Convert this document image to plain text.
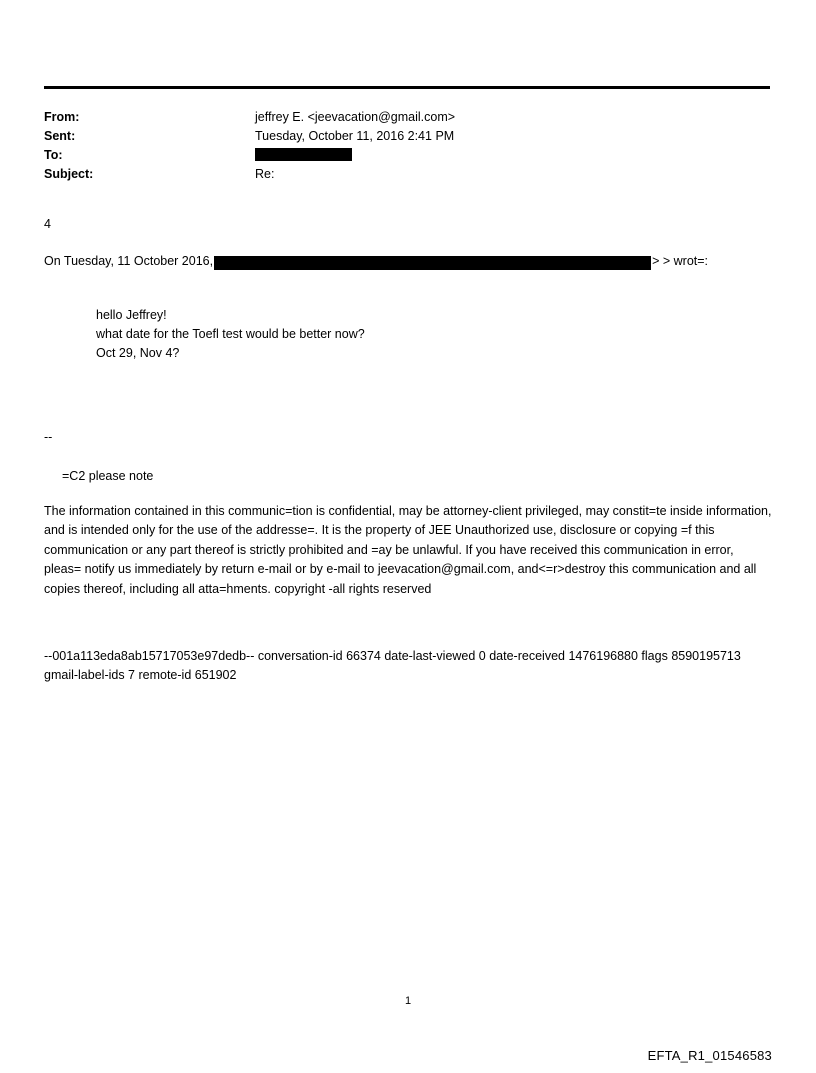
From:	jeffrey E. <jeevacation@gmail.com>
Sent:	Tuesday, October 11, 2016 2:41 PM
To:
Subject:	Re:
4
On Tuesday, 11 October 2016,	> > wrot=:
hello Jeffrey!
what date for the Toefl test would be better now?
Oct 29, Nov 4?
--
=C2 please note
The information contained in this communic=tion is confidential, may be attorney-client privileged, may constit=te inside information, and is intended only for the use of the addresse=. It is the property of JEE Unauthorized use, disclosure or copying =f this communication or any part thereof is strictly prohibited and =ay be unlawful. If you have received this communication in error, pleas= notify us immediately by return e-mail or by e-mail to jeevacation@gmail.com, and<=r>destroy this communication and all copies thereof, including all atta=hments. copyright -all rights reserved
--001a113eda8ab15717053e97dedb-- conversation-id 66374 date-last-viewed 0 date-received 1476196880 flags 8590195713 gmail-label-ids 7 remote-id 651902
1
EFTA_R1_01546583
